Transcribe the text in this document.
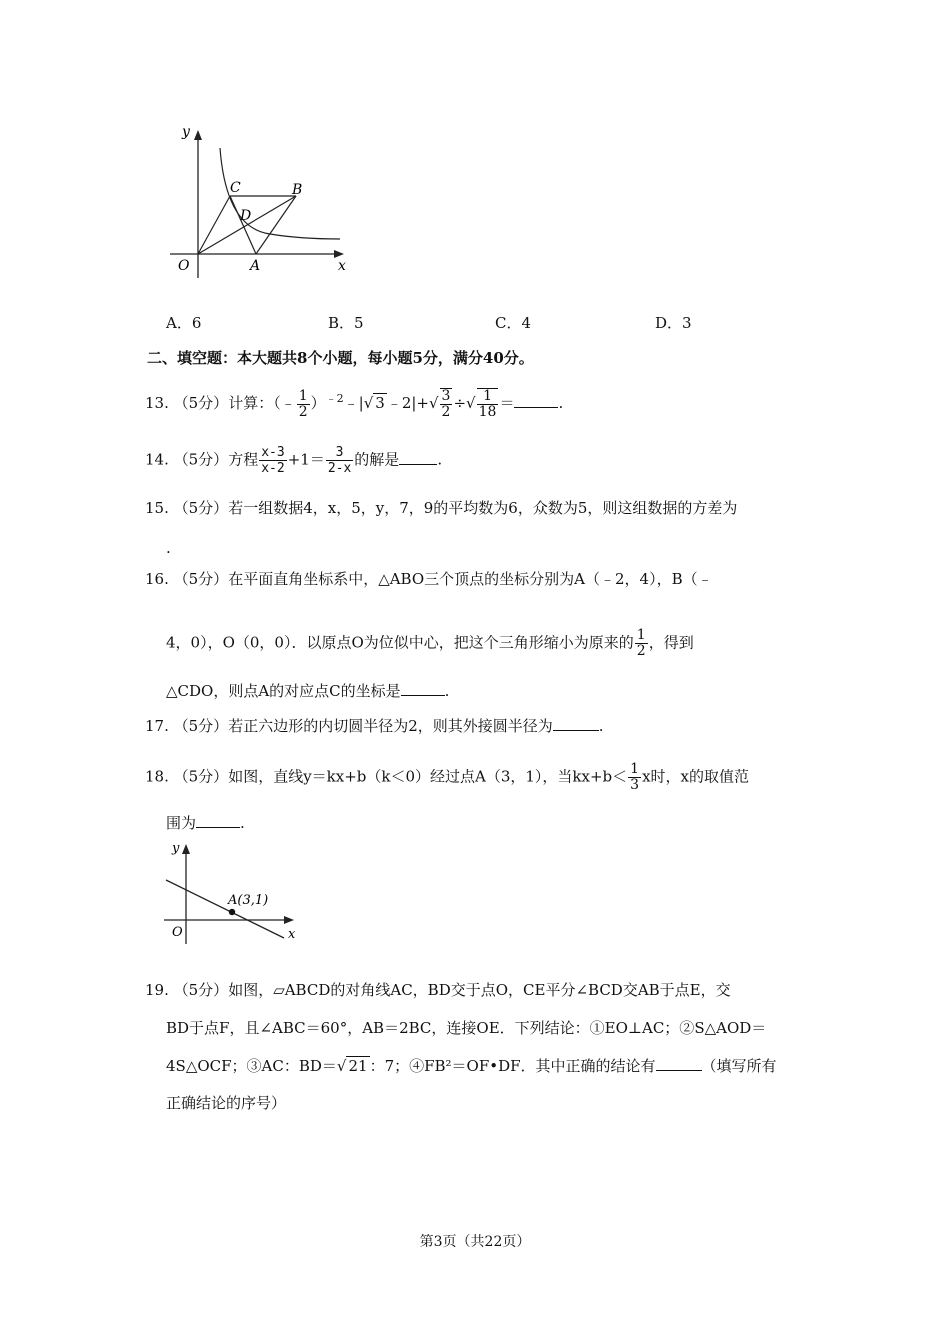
y
x
O	A
B
C
D
A．6	B．5	C．4	D．3
二、填空题：本大题共8个小题，每小题5分，满分40分。
13. （5分）计算：（﹣ $\frac{1}{2}$ ）$^{﹣2}$﹣|√ 3 ﹣2|+√ $\frac{3}{2}$ ÷√ $\frac{1}{18}$ ＝	.
14. （5分）方程 $\frac{x-3}{x-2} +1= \frac{3}{2-x}$ 的解是	.
15. （5分）若一组数据4，x，5，y，7，9的平均数为6，众数为5，则这组数据的方差为
.
16. （5分）在平面直角坐标系中，△ABO三个顶点的坐标分别为A（﹣2，4），B（﹣
4，0），O（0，0）．以原点O为位似中心，把这个三角形缩小为原来的 $\frac{1}{2}$ ，得到
△CDO，则点A的对应点C的坐标是	.
17. （5分）若正六边形的内切圆半径为2，则其外接圆半径为	.
18. （5分）如图，直线y＝kx+b（k＜0）经过点A（3，1），当$kx+b< \frac{1}{3}$ x时，x的取值范
围为	.
y
x
O
A(3,1)
19. （5分）如图，▱ABCD的对角线AC，BD交于点O，CE平分∠BCD交AB于点E，交
BD于点F，且∠ABC＝60°，AB＝2BC，连接OE．下列结论：①EO⊥AC；②S△AOD＝
4S△OCF；③AC：BD＝√ 21 ：7；④FB²＝OF•DF．其中正确的结论有	（填写所有
正确结论的序号）
第3页（共22页）
